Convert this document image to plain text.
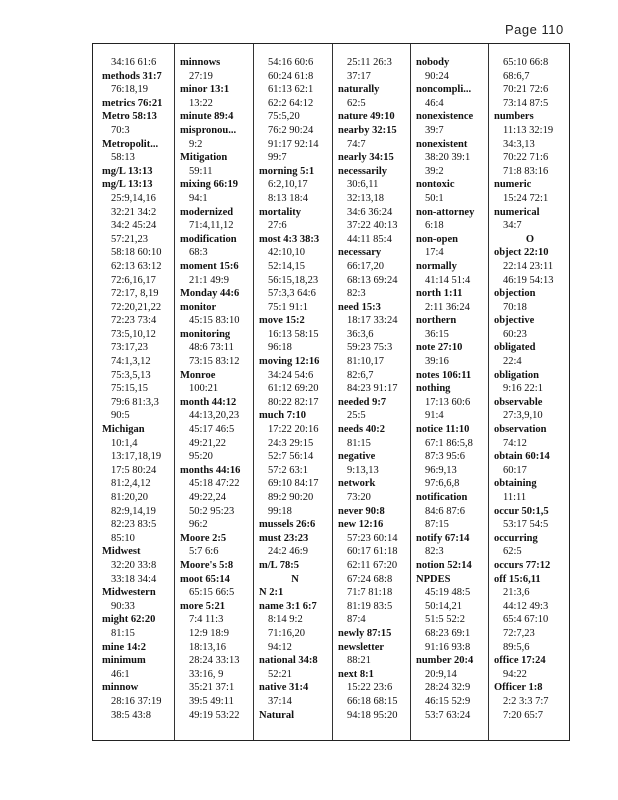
Page 110
34:16 61:6
methods 31:7
76:18,19
metrics 76:21
Metro 58:13
70:3
Metropolit...
58:13
mg/L 13:13
mg/L 13:13
25:9,14,16
32:21 34:2
34:2 45:24
57:21,23
58:18 60:10
62:13 63:12
72:6,16,17
72:17, 8,19
72:20,21,22
72:23 73:4
73:5,10,12
73:17,23
74:1,3,12
75:3,5,13
75:15,15
79:6 81:3,3
90:5
Michigan
10:1,4
13:17,18,19
17:5 80:24
81:2,4,12
81:20,20
82:9,14,19
82:23 83:5
85:10
Midwest
32:20 33:8
33:18 34:4
Midwestern
90:33
might 62:20
81:15
mine 14:2
minimum
46:1
minnow
28:16 37:19
38:5 43:8
minnows
27:19
minor 13:1
13:22
minute 89:4
mispronou...
9:2
Mitigation
59:11
mixing 66:19
94:1
modernized
71:4,11,12
modification
68:3
moment 15:6
21:1 49:9
Monday 44:6
monitor
45:15 83:10
monitoring
48:6 73:11
73:15 83:12
Monroe
100:21
month 44:12
44:13,20,23
45:17 46:5
49:21,22
95:20
months 44:16
45:18 47:22
49:22,24
50:2 95:23
96:2
Moore 2:5
5:7 6:6
Moore's 5:8
moot 65:14
65:15 66:5
more 5:21
7:4 11:3
12:9 18:9
18:13,16
28:24 33:13
33:16, 9
35:21 37:1
39:5 49:11
49:19 53:22
54:16 60:6
60:24 61:8
61:13 62:1
62:2 64:12
75:5,20
76:2 90:24
91:17 92:14
99:7
morning 5:1
6:2,10,17
8:13 18:4
mortality
27:6
most 4:3 38:3
42:10,10
52:14,15
56:15,18,23
57:3,3 64:6
75:1 91:1
move 15:2
16:13 58:15
96:18
moving 12:16
34:24 54:6
61:12 69:20
80:22 82:17
much 7:10
17:22 20:16
24:3 29:15
52:7 56:14
57:2 63:1
69:10 84:17
89:2 90:20
99:18
mussels 26:6
must 23:23
24:2 46:9
m/L 78:5
N
N 2:1
name 3:1 6:7
8:14 9:2
71:16,20
94:12
national 34:8
52:21
native 31:4
37:14
Natural
25:11 26:3
37:17
naturally
62:5
nature 49:10
nearby 32:15
74:7
nearly 34:15
necessarily
30:6,11
32:13,18
34:6 36:24
37:22 40:13
44:11 85:4
necessary
66:17,20
68:13 69:24
82:3
need 15:3
18:17 33:24
36:3,6
59:23 75:3
81:10,17
82:6,7
84:23 91:17
needed 9:7
25:5
needs 40:2
81:15
negative
9:13,13
network
73:20
never 90:8
new 12:16
57:23 60:14
60:17 61:18
62:11 67:20
67:24 68:8
71:7 81:18
81:19 83:5
87:4
newly 87:15
newsletter
88:21
next 8:1
15:22 23:6
66:18 68:15
94:18 95:20
nobody
90:24
noncompli...
46:4
nonexistence
39:7
nonexistent
38:20 39:1
39:2
nontoxic
50:1
non-attorney
6:18
non-open
17:4
normally
41:14 51:4
north 1:11
2:11 36:24
northern
36:15
note 27:10
39:16
notes 106:11
nothing
17:13 60:6
91:4
notice 11:10
67:1 86:5,8
87:3 95:6
96:9,13
97:6,6,8
notification
84:6 87:6
87:15
notify 67:14
82:3
notion 52:14
NPDES
45:19 48:5
50:14,21
51:5 52:2
68:23 69:1
91:16 93:8
number 20:4
20:9,14
28:24 32:9
46:15 52:9
53:7 63:24
65:10 66:8
68:6,7
70:21 72:6
73:14 87:5
numbers
11:13 32:19
34:3,13
70:22 71:6
71:8 83:16
numeric
15:24 72:1
numerical
34:7
O
object 22:10
22:14 23:11
46:19 54:13
objection
70:18
objective
60:23
obligated
22:4
obligation
9:16 22:1
observable
27:3,9,10
observation
74:12
obtain 60:14
60:17
obtaining
11:11
occur 50:1,5
53:17 54:5
occurring
62:5
occurs 77:12
off 15:6,11
21:3,6
44:12 49:3
65:4 67:10
72:7,23
89:5,6
office 17:24
94:22
Officer 1:8
2:2 3:3 7:7
7:20 65:7
